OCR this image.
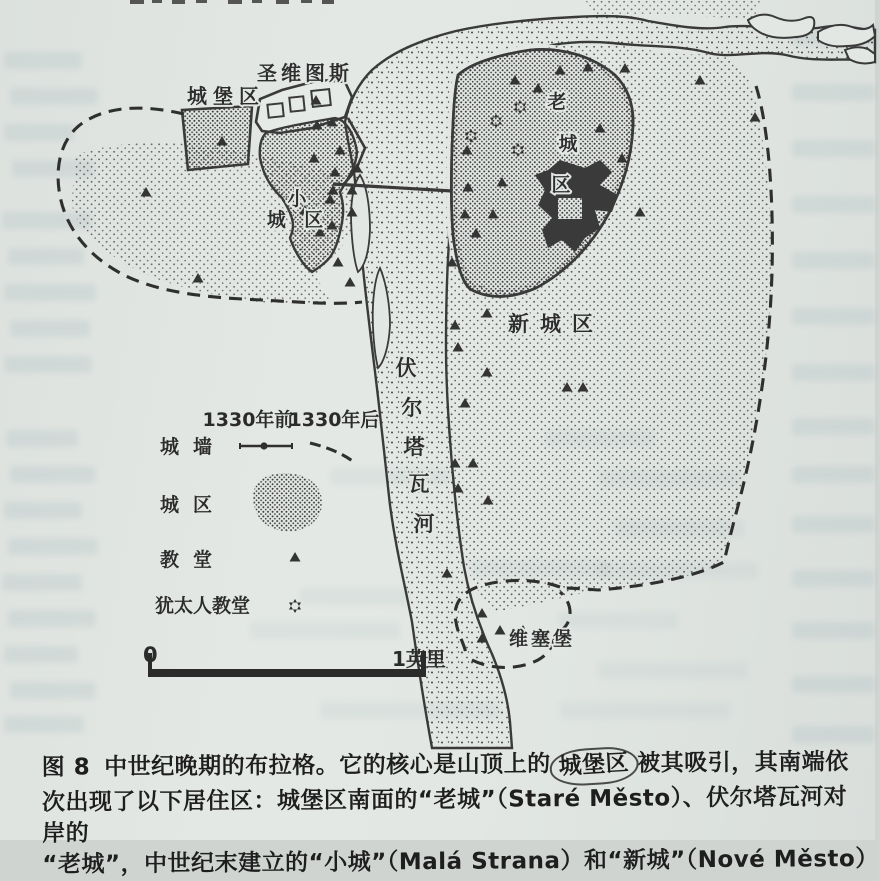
圣维图斯
城堡区
小
城 区
老
城
区
新城区
伏
尔
塔
瓦
河
维塞堡
1330年前
1330年后
城墙
城区
教堂
犹太人教堂
0	1英里
图 8 中世纪晚期的布拉格。它的核心是山顶上的 城堡区 被其吸引，其南端依
次出现了以下居住区：城堡区南面的“老城”（Staré Město）、伏尔塔瓦河对岸的
“老城”，中世纪末建立的“小城”（Malá Strana）和“新城”（Nové Město）
